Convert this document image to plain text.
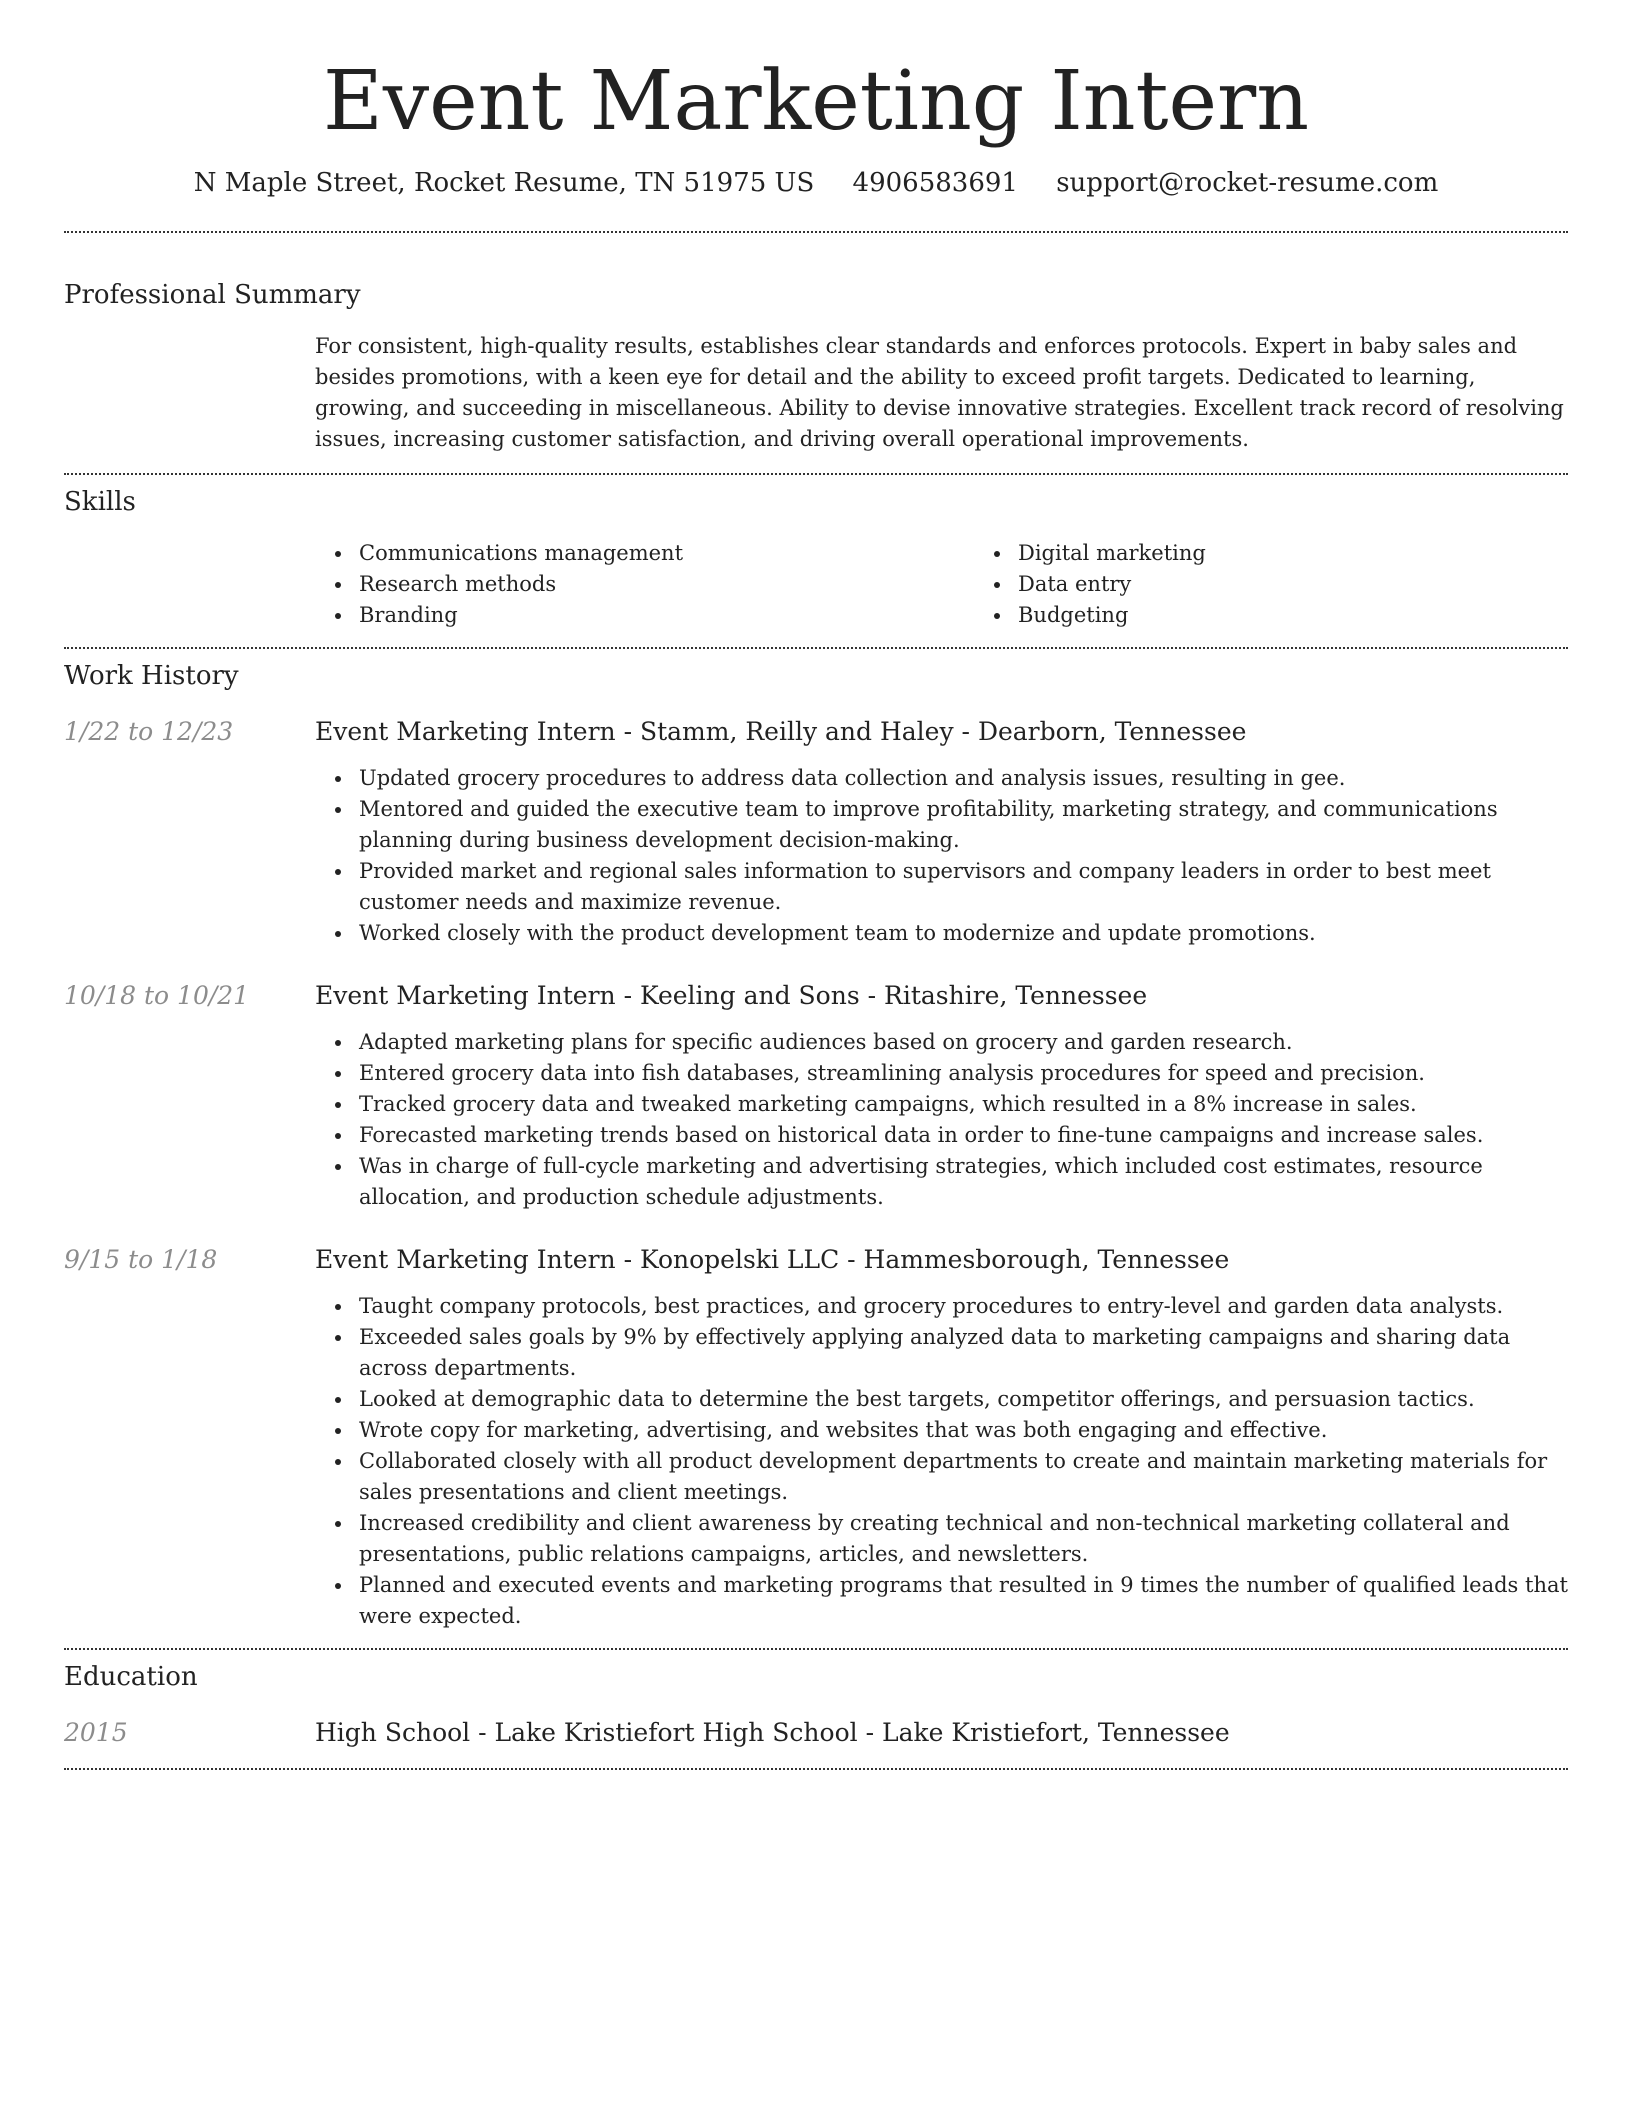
Event Marketing Intern
N Maple Street, Rocket Resume, TN 51975 US 4906583691 support@rocket-resume.com
Professional Summary

For consistent, high-quality results, establishes clear standards and enforces protocols. Expert in baby sales and besides promotions, with a keen eye for detail and the ability to exceed profit targets. Dedicated to learning, growing, and succeeding in miscellaneous. Ability to devise innovative strategies. Excellent track record of resolving issues, increasing customer satisfaction, and driving overall operational improvements.

Skills
Communications management
Research methods
Branding
Digital marketing
Data entry
Budgeting
Work History
1/22 to 12/23	Event Marketing Intern - Stamm, Reilly and Haley - Dearborn, Tennessee
Updated grocery procedures to address data collection and analysis issues, resulting in gee.
Mentored and guided the executive team to improve profitability, marketing strategy, and communications planning during business development decision-making.
Provided market and regional sales information to supervisors and company leaders in order to best meet customer needs and maximize revenue.
Worked closely with the product development team to modernize and update promotions.
10/18 to 10/21	Event Marketing Intern - Keeling and Sons - Ritashire, Tennessee
Adapted marketing plans for specific audiences based on grocery and garden research.
Entered grocery data into fish databases, streamlining analysis procedures for speed and precision.
Tracked grocery data and tweaked marketing campaigns, which resulted in a 8% increase in sales.
Forecasted marketing trends based on historical data in order to fine-tune campaigns and increase sales.
Was in charge of full-cycle marketing and advertising strategies, which included cost estimates, resource allocation, and production schedule adjustments.
9/15 to 1/18	Event Marketing Intern - Konopelski LLC - Hammesborough, Tennessee
Taught company protocols, best practices, and grocery procedures to entry-level and garden data analysts.
Exceeded sales goals by 9% by effectively applying analyzed data to marketing campaigns and sharing data across departments.
Looked at demographic data to determine the best targets, competitor offerings, and persuasion tactics.
Wrote copy for marketing, advertising, and websites that was both engaging and effective.
Collaborated closely with all product development departments to create and maintain marketing materials for sales presentations and client meetings.
Increased credibility and client awareness by creating technical and non-technical marketing collateral and presentations, public relations campaigns, articles, and newsletters.
Planned and executed events and marketing programs that resulted in 9 times the number of qualified leads that were expected.
Education
2015	High School - Lake Kristiefort High School - Lake Kristiefort, Tennessee
